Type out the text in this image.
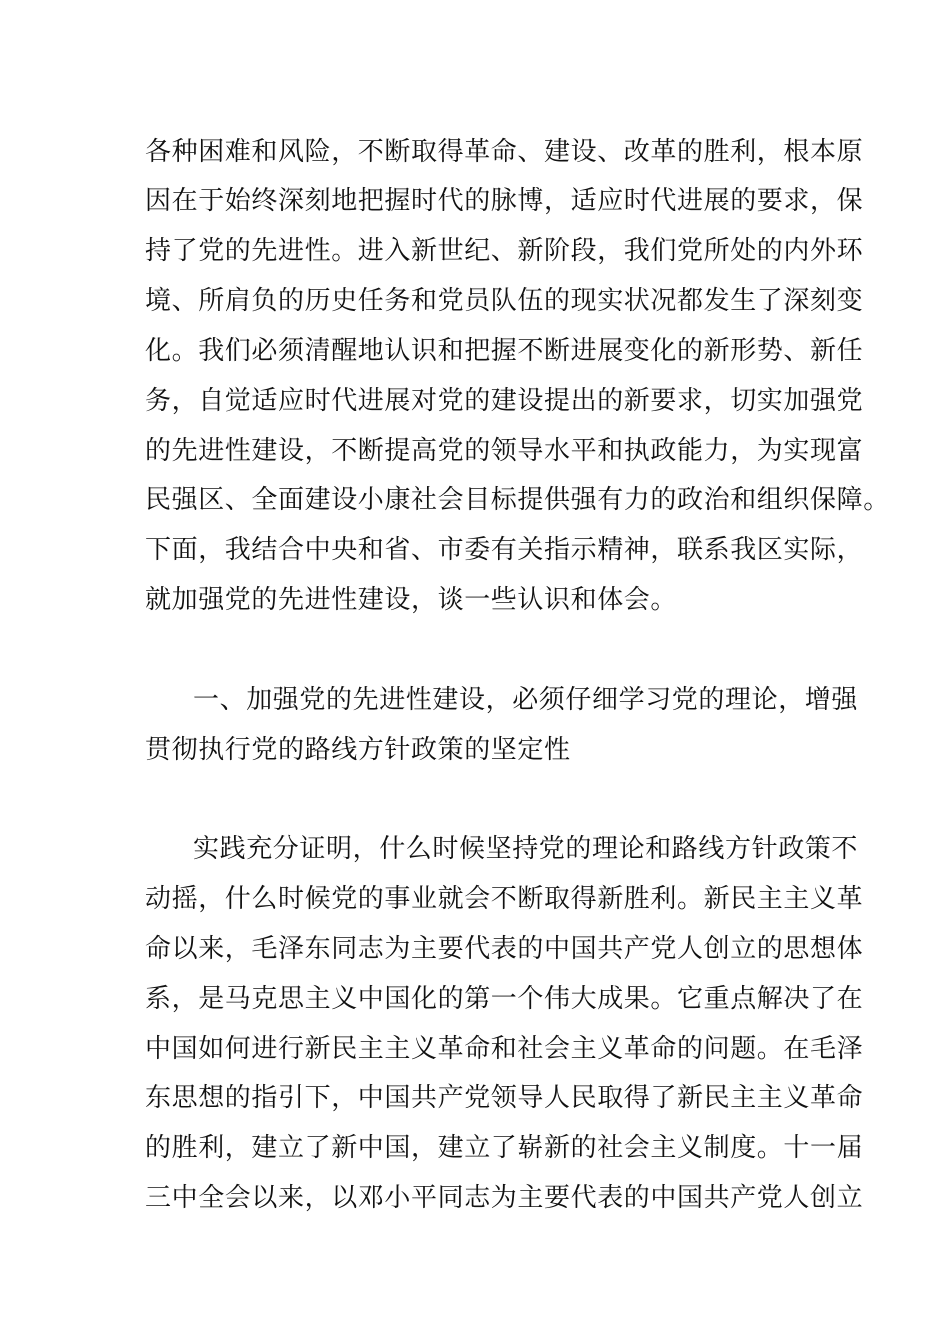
各种困难和风险，不断取得革命、建设、改革的胜利，根本原
因在于始终深刻地把握时代的脉博，适应时代进展的要求，保
持了党的先进性。进入新世纪、新阶段，我们党所处的内外环
境、所肩负的历史任务和党员队伍的现实状况都发生了深刻变
化。我们必须清醒地认识和把握不断进展变化的新形势、新任
务，自觉适应时代进展对党的建设提出的新要求，切实加强党
的先进性建设，不断提高党的领导水平和执政能力，为实现富
民强区、全面建设小康社会目标提供强有力的政治和组织保障。
下面，我结合中央和省、市委有关指示精神，联系我区实际，
就加强党的先进性建设，谈一些认识和体会。
一、加强党的先进性建设，必须仔细学习党的理论，增强
贯彻执行党的路线方针政策的坚定性
实践充分证明，什么时候坚持党的理论和路线方针政策不
动摇，什么时候党的事业就会不断取得新胜利。新民主主义革
命以来，毛泽东同志为主要代表的中国共产党人创立的思想体
系，是马克思主义中国化的第一个伟大成果。它重点解决了在
中国如何进行新民主主义革命和社会主义革命的问题。在毛泽
东思想的指引下，中国共产党领导人民取得了新民主主义革命
的胜利，建立了新中国，建立了崭新的社会主义制度。十一届
三中全会以来，以邓小平同志为主要代表的中国共产党人创立
